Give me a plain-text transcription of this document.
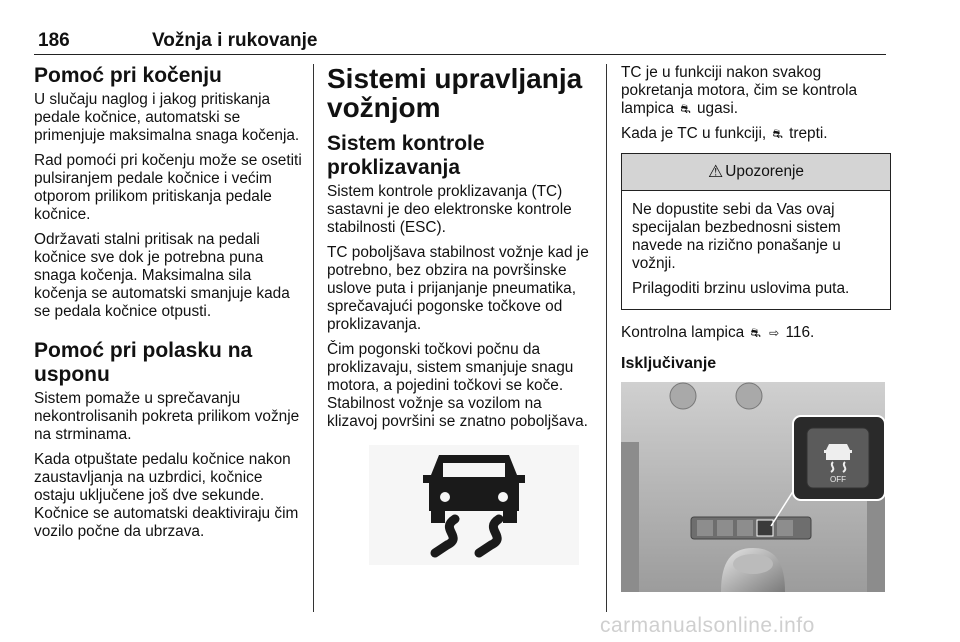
186	Vožnja i rukovanje
Pomoć pri kočenju

U slučaju naglog i jakog pritiskanja pedale kočnice, automatski se primenjuje maksimalna snaga kočenja.

Rad pomoći pri kočenju može se osetiti pulsiranjem pedale kočnice i većim otporom prilikom pritiskanja pedale kočnice.

Održavati stalni pritisak na pedali kočnice sve dok je potrebna puna snaga kočenja. Maksimalna sila kočenja se automatski smanjuje kada se pedala kočnice otpusti.

Pomoć pri polasku na usponu

Sistem pomaže u sprečavanju nekontrolisanih pokreta prilikom vožnje na strminama.

Kada otpuštate pedalu kočnice nakon zaustavljanja na uzbrdici, kočnice ostaju uključene još dve sekunde. Kočnice se automatski deaktiviraju čim vozilo počne da ubrzava.

Sistemi upravljanja vožnjom
Sistem kontrole proklizavanja

Sistem kontrole proklizavanja (TC) sastavni je deo elektronske kontrole stabilnosti (ESC).

TC poboljšava stabilnost vožnje kad je potrebno, bez obzira na površinske uslove puta i prijanjanje pneumatika, sprečavajući pogonske točkove od proklizavanja.

Čim pogonski točkovi počnu da proklizavaju, sistem smanjuje snagu motora, a pojedini točkovi se koče. Stabilnost vožnje sa vozilom na klizavoj površini se znatno poboljšava.

TC je u funkciji nakon svakog pokretanja motora, čim se kontrola lampica ⛐ ugasi.

Kada je TC u funkciji, ⛐ trepti.

⚠ Upozorenje

Ne dopustite sebi da Vas ovaj specijalan bezbednosni sistem navede na rizično ponašanje u vožnji.

Prilagoditi brzinu uslovima puta.

Kontrolna lampica ⛐ ⇨ 116.

Isključivanje
OFF
carmanualsonline.info
